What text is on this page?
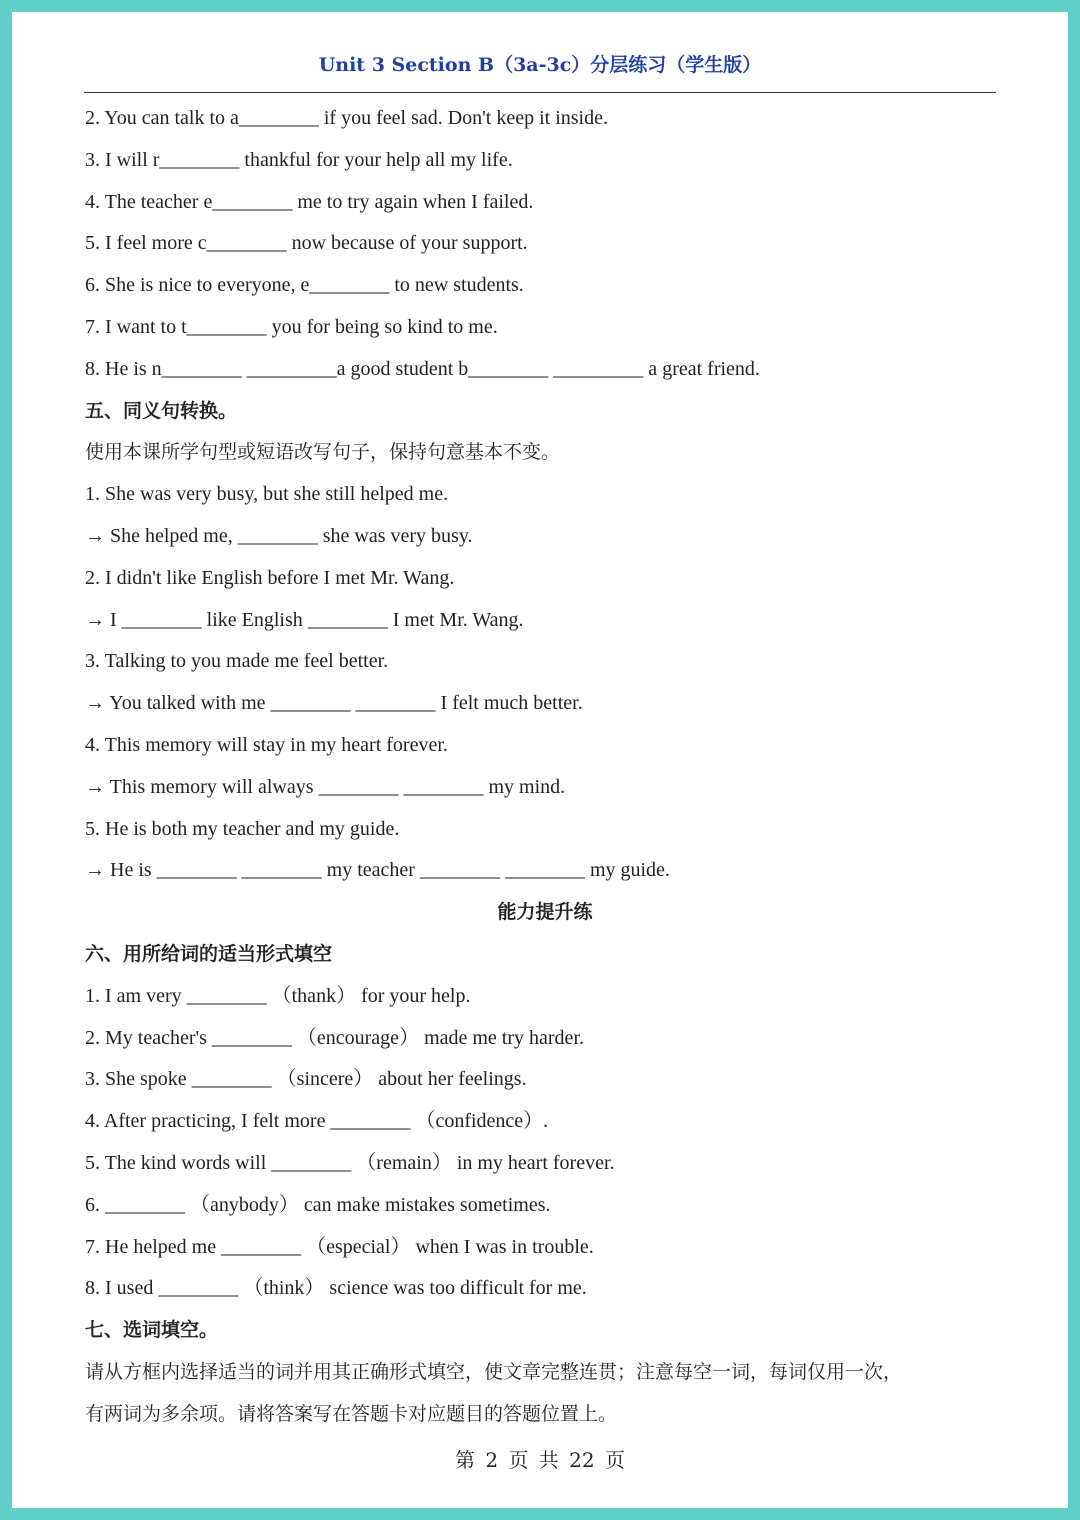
Unit 3 Section B（3a-3c）分层练习（学生版）
2. You can talk to a________ if you feel sad. Don't keep it inside.
3. I will r________ thankful for your help all my life.
4. The teacher e________ me to try again when I failed.
5. I feel more c________ now because of your support.
6. She is nice to everyone, e________ to new students.
7. I want to t________ you for being so kind to me.
8. He is n________ _________a good student b________ _________ a great friend.
五、同义句转换。
使用本课所学句型或短语改写句子，保持句意基本不变。
1. She was very busy, but she still helped me.
→ She helped me, ________ she was very busy.
2. I didn't like English before I met Mr. Wang.
→ I ________ like English ________ I met Mr. Wang.
3. Talking to you made me feel better.
→ You talked with me ________ ________ I felt much better.
4. This memory will stay in my heart forever.
→ This memory will always ________ ________ my mind.
5. He is both my teacher and my guide.
→ He is ________ ________ my teacher ________ ________ my guide.
能力提升练
六、用所给词的适当形式填空
1. I am very ________ （thank） for your help.
2. My teacher's ________ （encourage） made me try harder.
3. She spoke ________ （sincere） about her feelings.
4. After practicing, I felt more ________ （confidence）.
5. The kind words will ________ （remain） in my heart forever.
6. ________ （anybody） can make mistakes sometimes.
7. He helped me ________ （especial） when I was in trouble.
8. I used ________ （think） science was too difficult for me.
七、选词填空。
请从方框内选择适当的词并用其正确形式填空，使文章完整连贯；注意每空一词，每词仅用一次，
有两词为多余项。请将答案写在答题卡对应题目的答题位置上。
第 2 页 共 22 页
